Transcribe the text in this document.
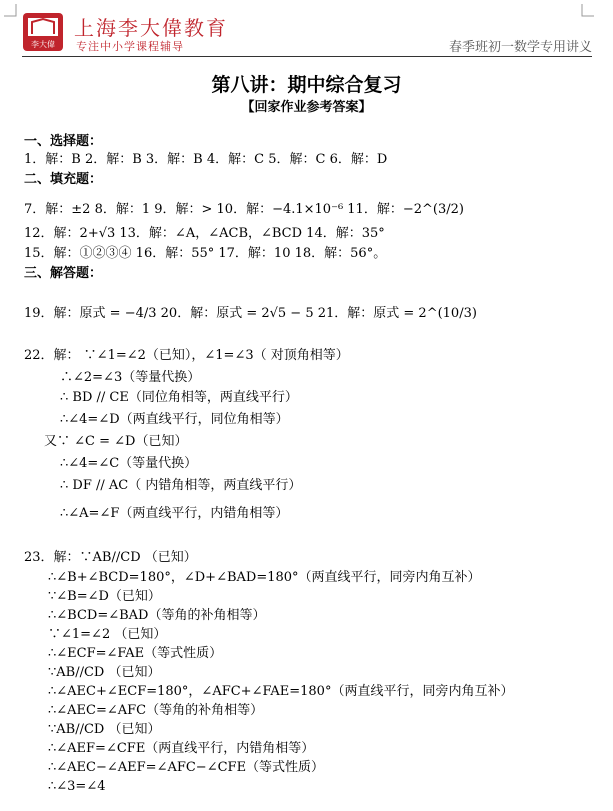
李大偉
上海李大偉教育
专注中小学课程辅导	春季班初一数学专用讲义
第八讲：期中综合复习
【回家作业参考答案】
一、选择题：
1．解：B 2．解：B 3．解：B 4．解：C 5．解：C 6．解：D
二、填充题：
7．解：±2 8．解：1 9．解：> 10．解：−4.1×10⁻⁶ 11．解：−2^(3/2)
12．解：2+√3 13．解：∠A，∠ACB，∠BCD 14．解：35°
15．解：①②③④ 16．解：55° 17．解：10 18．解：56°。
三、解答题：
19．解：原式 = −4/3 20．解：原式 = 2√5 − 5 21．解：原式 = 2^(10/3)
22．解： ∵∠1=∠2（已知），∠1=∠3（ 对顶角相等）
∴∠2=∠3（等量代换）
∴ BD // CE（同位角相等，两直线平行）
∴∠4=∠D（两直线平行，同位角相等）
又∵ ∠C = ∠D（已知）
∴∠4=∠C（等量代换）
∴ DF // AC（ 内错角相等，两直线平行）
∴∠A=∠F（两直线平行，内错角相等）
23．解：∵AB//CD （已知）
∴∠B+∠BCD=180°，∠D+∠BAD=180°（两直线平行，同旁内角互补）
∵∠B=∠D（已知）
∴∠BCD=∠BAD（等角的补角相等）
∵∠1=∠2 （已知）
∴∠ECF=∠FAE（等式性质）
∵AB//CD （已知）
∴∠AEC+∠ECF=180°，∠AFC+∠FAE=180°（两直线平行，同旁内角互补）
∴∠AEC=∠AFC（等角的补角相等）
∵AB//CD （已知）
∴∠AEF=∠CFE（两直线平行，内错角相等）
∴∠AEC−∠AEF=∠AFC−∠CFE（等式性质）
∴∠3=∠4
